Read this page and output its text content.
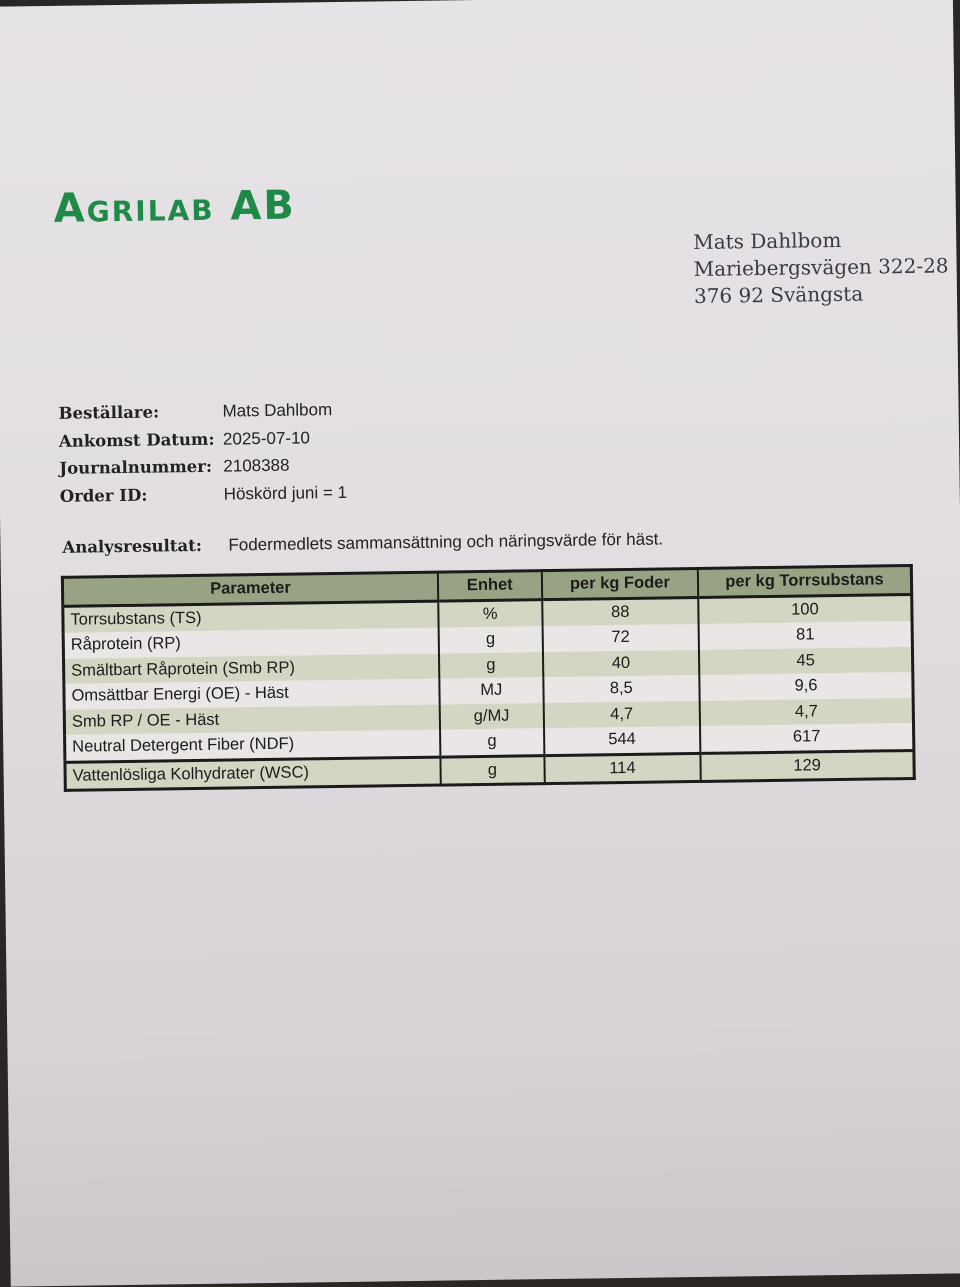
Agrilab AB
Mats Dahlbom
Mariebergsvägen 322-28
376 92 Svängsta
Beställare:	Mats Dahlbom
Ankomst Datum: 2025-07-10
Journalnummer: 2108388
Order ID:	Höskörd juni = 1
Analysresultat: Fodermedlets sammansättning och näringsvärde för häst.
Parameter	Enhet	per kg Foder	per kg Torrsubstans
Torrsubstans (TS)	%	88	100
Råprotein (RP)	g	72	81
Smältbart Råprotein (Smb RP)	g	40	45
Omsättbar Energi (OE) - Häst	MJ	8,5	9,6
Smb RP / OE - Häst	g/MJ	4,7	4,7
Neutral Detergent Fiber (NDF)	g	544	617
Vattenlösliga Kolhydrater (WSC)	g	114	129
